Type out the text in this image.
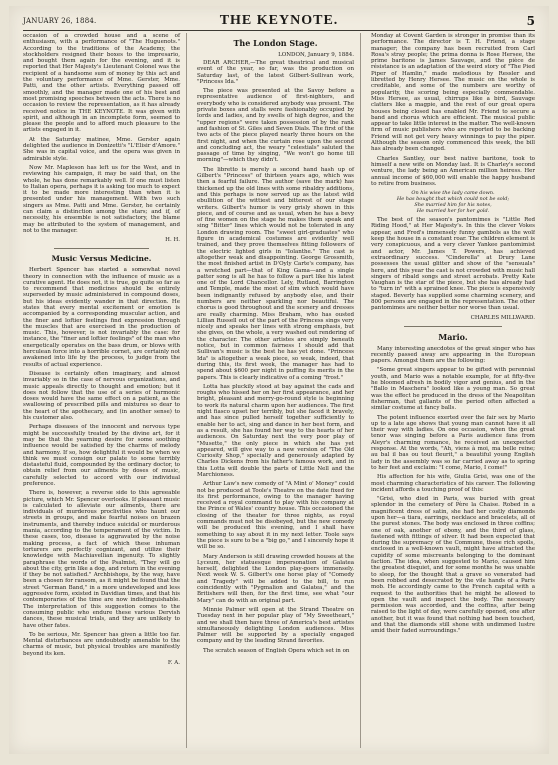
JANUARY 26, 1884.	THE KEYNOTE.	5

occasion of a crowded house and a scene of enthusiasm, with a performance of "The Huguenots." According to the traditions of the Academy, the stockholders resigned their boxes to the impresario, and bought them again for the evening, and it is reported that Her Majesty's Lieutenant Colonel was the recipient of a handsome sum of money by this act and the voluntary performance of Mme. Gerster, Mme. Patti, and the other artists. Everything passed off smoothly, and the manager made one of his best and most promising speeches between the acts. There is no occasion to review the representation, as it has already received notice in THE KEYNOTE. It was given with spirit, and although in an incomplete form, seemed to please the people and to afford much pleasure to the artists engaged in it.

At the Saturday matinee, Mme. Gerster again delighted the audience in Donizetti's "L'Elisir d'Amore." She was in capital voice, and the opera was given in admirable style.

Now Mr. Mapleson has left us for the West, and in reviewing his campaign, it may be said that, on the whole, he has done remarkably well. If one must listen to Italian opera, perhaps it is asking too much to expect it to be made more interesting than when it is presented under his management. With two such singers as Mme. Patti and Mme. Gerster, he certainly can claim a distinction among the stars; and if, of necessity, his ensemble is not satisfactory, the blame may be attributed to the system of management, and not to the manager.

H. H.
Music Versus Medicine.

Herbert Spencer has started a somewhat novel theory in connection with the influence of music as a curative agent. He does not, it is true, go quite so far as to recommend that medicines should be entirely superseded by music administered in compound doses, but his ideas evidently wander in that direction. He states that every mental excitement or emotion is accompanied by a corresponding muscular action, and the finer and loftier feelings find expression through the muscles that are exercised in the production of music. This, however, is not invariably the case: for instance, the "finer and loftier feelings" of the man who energetically operates on the bass drum, or blows with herculean force into a horrible cornet, are certainly not awakened into life by the process, to judge from the results of actual experience.

Disease is certainly often imaginary, and almost invariably so in the case of nervous organizations, and music appeals directly to thought and emotion; but it does not follow that the use of a series of harmonic doses would have the same effect on a patient, as the swallowing of prescribed pills and mixtures so dear to the heart of the apothecary, and (in another sense) to his customer also.

Perhaps diseases of the innocent and nervous type might be successfully treated by the divine art, for it may be that the yearning desire for some soothing influence would be satisfied by the charms of melody and harmony. If so, how delightful it would be when we think we must consign our palate to some terribly distasteful fluid, compounded by the ordinary doctor, to obtain relief from our ailments by doses of music, carefully selected to accord with our individual preference.

There is, however, a reverse side to this agreeable picture, which Mr. Spencer overlooks. If pleasant music is calculated to alleviate our ailments, there are individuals of murderous proclivities who haunt our streets in groups, and make fearful noises on brazen instruments, and thereby induce suicidal or murderous mania, according to the temperament of the victim. In these cases, too, disease is aggravated by the noise making process, a fact of which these inhuman torturers are perfectly cognizant, and utilize their knowledge with Machiavellian ingenuity. To slightly paraphrase the words of the Psalmist, "They will go about the city, grin like a dog, and return in the evening if they be not satisfied." Archbishops, by the way, have been a chosen for ransom, as it might be found that the street "German Band," in a more undeveloped and less aggressive form, existed in Davidian times, and that his contemporaries of the time are now indistinguishable. The interpretation of this suggestion comes to the consuming public who endure these various Dervish dances, these musical trials, and they are unlikely to have other fates.

To be serious, Mr. Spencer has given a little too far. Mental disturbances are undoubtedly amenable to the charms of music, but physical troubles are manifestly beyond its ken.

F. A.
The London Stage.
LONDON, January 9, 1884.

DEAR ARCHER,—The great theatrical and musical event of the year, so far, was the production on Saturday last, of the latest Gilbert-Sullivan work, "Princess Ida."

The piece was presented at the Savoy before a representative audience of first-nighters, and everybody who is considered anybody was present. The private boxes and stalls were fashionably occupied by lords and ladies, and by swells of high degree, and the "upper regions" were taken possession of by the rank and fashion of St. Giles and Seven Dials. The first of the two acts of the piece played nearly three hours on the first night, and when the curtain rose upon the second and concluding act, the weary "celestials" saluted the passage of time by singing, "We won't go home till morning"—which they didn't.

The libretto is merely a second hand hash up of Gilbert's "Princess" of thirteen years ago, which was then a fearful failure. The author (save the mark) has thickened up the old lines with some ribaldry additions, and this perhaps is now served up as the latest wild ebullition of the wittiest and bitterest of our stage writers. Gilbert's humor is very grisly shown in this piece, and of course and as usual, when he has a bevy of fine women on the stage he makes them speak and sing "Bitter" lines which would not be tolerated in any London drawing room. The "sweet girl-graduates" who figure in academical costumes are evidently well trained, and they prove themselves fitting followers of the electric lighted girls in "Iolanthe." The cast is altogether weak and disappointing. George Grossmith, the most finished artist in D'Oyly Carte's company, has a wretched part—that of King Gama—and a single patter song is all he has to follow a part like his latest one of the Lord Chancellor. Lely, Rutland, Barrington and Temple, made the most of slim which would have been indignantly refused by anybody else, and their numbers are neither sparkling nor beautiful. The chorus is good throughout and the scenery and dresses are really charming. Miss Braham, who has ousted Lillian Russell out of the part of the Princess sings very nicely and speaks her lines with strong emphasis, but she gives, on the whole, a very washed out rendering of the character. The other artistes are simply beneath notice, but in common fairness I should add that Sullivan's music is the best he has yet done. "Princess Ida" is altogether a weak piece, so weak, indeed, that during this, its first week, the manager has had to spend about $600 per night in puffing its merits in the papers. This is clearly indicative of a coming "frost."

Lotta has pluckily stood at bay against the cads and roughs who hissed her on her first appearance, and her bright, pleasant and merry-go-round style is beginning to work its natural charm upon her audiences. The first night fiasco upset her terribly, but she faced it bravely, and has since pulled herself together sufficiently to enable her to act, sing and dance in her best form, and as a result, she has found her way to the hearts of her audiences. On Saturday next the very poor play of "Musette," the only piece in which she has yet appeared, will give way to a new version of "The Old Curiosity Shop," specially and generously adapted by Charles Dickens from his father's famous work, and in this Lotta will double the parts of Little Nell and the Marchioness.

Arthur Law's new comedy of "A Mint o' Money" could not be produced at Toole's Theatre on the date fixed for its first performance, owing to the manager having received a royal command to play with his company at the Prince of Wales' country house. This occasioned the closing of the theater for three nights, as royal commands must not be disobeyed, but the new comedy will be produced this evening, and I shall have something to say about it in my next letter. Toole says the piece is sure to be a "big go," and I sincerely hope it will be so.

Mary Anderson is still drawing crowded houses at the Lyceum, her statuesque impersonation of Galatea herself, delighted the London play-goers immensely. Next week W. S. Gilbert's one horse play of "Comedy and Tragedy" will be added to the bill, to run coincidently with "Pygmalion and Galatea," and the Britishers will then, for the first time, see what "our Mary" can do with an original part.

Minnie Palmer will open at the Strand Theatre on Tuesday next in her popular play of "My Sweetheart," and we shall then have three of America's best artistes simultaneously delighting London audiences. Miss Palmer will be supported by a specially engaged company and by the leading Strand favorites.

The scratch season of English Opera which set in on

Monday at Covent Garden is stronger in promise than its performance. The director is T. H. Friend, a stage manager; the company has been recruited from Carl Rosa's stray people; the prima donna is Rose Hersee, the prime baritone is James Sauvage, and the pièce de résistance is an adaptation of the weird story of "The Pied Piper of Hamlin," made melodious by Ressler and libretted by Henry Hersee. The music on the whole is creditable, and some of the numbers are worthy of popularity, the scoring being especially commendable. Miss Hersee, as usual, chirrups like a bird, Sauvage clatters like a magpie, and the rest of our great opera houses being closed has enabled Mr. Friend to secure a band and chorus which are efficient. The musical public appear to take little interest in the matter. The well-known firm of music publishers who are reported to be backing Friend will not get very heavy winnings to pay the piper. Although the season only commenced this week, the bill has already been changed.

Charles Santley, our best native baritone, took to himself a new wife on Monday last. It is Charley's second venture, the lady being an American million heiress. Her annual income of $60,000 will enable the happy husband to retire from business.

On his wise the lady came down.
He has bought that which could not be sold;
She married him for his notes,
He married her for her gold.

The best of the season's pantomimes is "Little Red Riding Hood," at Her Majesty's. In this the clever Vokes appear, and Fred's immensely funny gambols as the wolf keep the house in a constant roar. The children element is very conspicuous, and a very clever Yankee pantomimist and actor, Mr. James T. Powers, has achieved extraordinary success. "Cinderella" at Drury Lane possesses the usual glitter and show of the "sensuals" here, and this year the cast is not crowded with music hall singers of ribald songs and street acrobats. Pretty Kate Vaughan is the star of the piece, but she has already had to "turn in" with a sprained knee. The piece is expensively staged. Beverly has supplied some charming scenery, and 800 persons are engaged in the representation. The other pantomimes are neither better nor worse than usual.

CHARLES MILLWARD.
Mario.

Many interesting anecdotes of the great singer who has recently passed away are appearing in the European papers. Amongst them are the following:

"Some great singers appear to be gifted with perennial youth, and Mario was a notable example, for at fifty-five he bloomed afresh in bodily vigor and genius, and in the "Ballo in Maschera" looked like a young man. So great was the effect he produced in the dress of the Neapolitan fisherman, that gallants of the period often affected a similar costume at fancy balls.

The potent influence exerted over the fair sex by Mario up to a late age shows that young man cannot have it all their way with ladies. On one occasion, when the great tenor was singing before a Paris audience fans from Aleyr's charming romance, he received an unexpected response. At the words, "Ah, viens à moi, ma belle reine; au bal il bas ou tout fleurit," a beautiful young English lady in the assembly was so far carried away as to spring to her feet and exclaim: "I come, Mario, I come!"

His affection for his wife, Giulia Grisi, was one of the most charming characteristics of his career. The following incident affords a touching proof of this:

"Grisi, who died in Paris, was buried with great splendor in the cemetery of Père la Chaise. Robed in a magnificent dress of satin, she had her costly diamonds upon her—a tiara, earrings, necklace and bracelets, all of the purest stones. The body was enclosed in three coffins; one of oak, another of ebony, and the third of glass, fastened with fittings of silver. It had been expected that during the supremacy of the Commune, these rich spoils, enclosed in a well-known vault, might have attracted the cupidity of some miscreants belonging to the dominant faction. The idea, when suggested to Mario, caused him the greatest disquiet, and for some months he was unable to sleep, for the thought that a grave so venerated had been robbed and desecrated by the vile hands of a Paris mob. He accordingly came to the French capital with a request to the authorities that he might be allowed to open the vault and inspect the body. The necessary permission was accorded, and the coffins, after being raised to the light of day, were carefully opened, one after another, but it was found that nothing had been touched, and that the diamonds still shone with undimmed lustre amid their faded surroundings."
